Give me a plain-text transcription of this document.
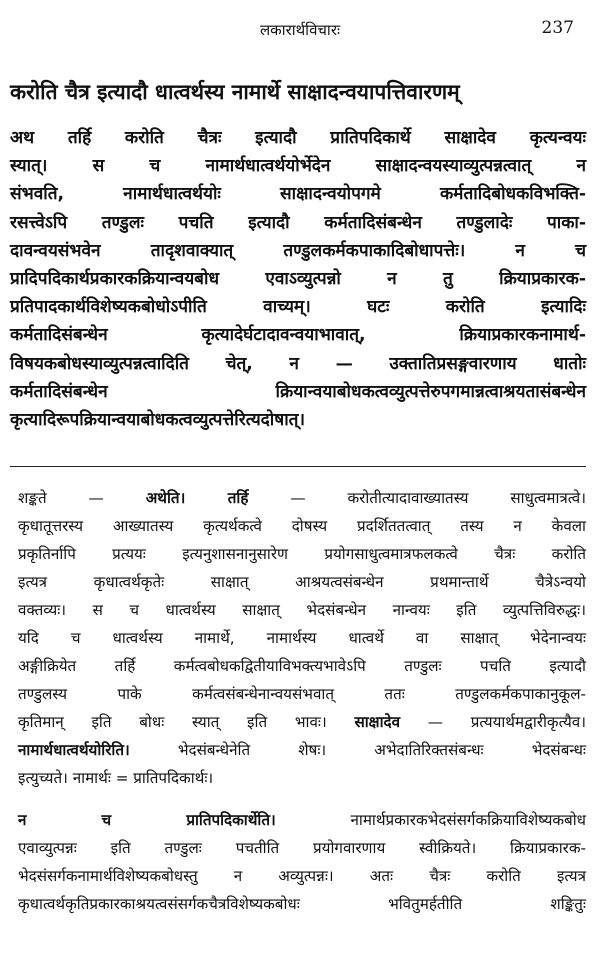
लकारार्थविचारः	237
करोति चैत्र इत्यादौ धात्वर्थस्य नामार्थे साक्षादन्वयापत्तिवारणम्
अथ तर्हि करोति चैत्रः इत्यादौ प्रातिपदिकार्थे साक्षादेव कृत्यन्वयः
स्यात्। स च नामार्थधात्वर्थयोर्भेदेन साक्षादन्वयस्याव्युत्पन्नत्वात् न
संभवति, नामार्थधात्वर्थयोः साक्षादन्वयोपगमे कर्मतादिबोधकविभक्ति-
रसत्त्वेऽपि तण्डुलः पचति इत्यादौ कर्मतादिसंबन्धेन तण्डुलादेः पाका-
दावन्वयसंभवेन तादृशवाक्यात् तण्डुलकर्मकपाकादिबोधापत्तेः। न च
प्रादिपदिकार्थप्रकारकक्रियान्वयबोध एवाऽव्युत्पन्नो न तु क्रियाप्रकारक-
प्रतिपादकार्थविशेष्यकबोधोऽपीति वाच्यम्। घटः करोति इत्यादिः
कर्मतादिसंबन्धेन कृत्यादेर्घटादावन्वयाभावात्, क्रियाप्रकारकनामार्थ-
विषयकबोधस्याव्युत्पन्नत्वादिति चेत्, न — उक्तातिप्रसङ्गवारणाय धातोः
कर्मतादिसंबन्धेन क्रियान्वयाबोधकत्वव्युत्पत्तेरुपगमान्नत्वाश्रयतासंबन्धेन
कृत्यादिरूपक्रियान्वयाबोधकत्वव्युत्पत्तेरित्यदोषात्।

शङ्कते — अथेति। तर्हि — करोतीत्यादावाख्यातस्य साधुत्वमात्रत्वे।
कृधातूत्तरस्य आख्यातस्य कृत्यर्थकत्वे दोषस्य प्रदर्शिततत्वात् तस्य न केवला
प्रकृतिर्नापि प्रत्ययः इत्यनुशासनानुसारेण प्रयोगसाधुत्वमात्रफलकत्वे चैत्रः करोति
इत्यत्र कृधात्वर्थकृतेः साक्षात् आश्रयत्वसंबन्धेन प्रथमान्तार्थे चैत्रेऽन्वयो
वक्तव्यः। स च धात्वर्थस्य साक्षात् भेदसंबन्धेन नान्वयः इति व्युत्पत्तिविरुद्धः।
यदि च धात्वर्थस्य नामार्थे, नामार्थस्य धात्वर्थे वा साक्षात् भेदेनान्वयः
अङ्गीक्रियेत तर्हि कर्मत्वबोधकद्वितीयाविभक्त्यभावेऽपि तण्डुलः पचति इत्यादौ
तण्डुलस्य पाके कर्मत्वसंबन्धेनान्वयसंभवात् ततः तण्डुलकर्मकपाकानुकूल-
कृतिमान् इति बोधः स्यात् इति भावः। साक्षादेव — प्रत्ययार्थमद्वारीकृत्यैव।
नामार्थधात्वर्थयोरिति। भेदसंबन्धेनेति शेषः। अभेदातिरिक्तसंबन्धः भेदसंबन्धः
इत्युच्यते। नामार्थः = प्रातिपदिकार्थः।

न च प्रातिपदिकार्थेति। नामार्थप्रकारकभेदसंसर्गकक्रियाविशेष्यकबोध
एवाव्युत्पन्नः इति तण्डुलः पचतीति प्रयोगवारणाय स्वीक्रियते। क्रियाप्रकारक-
भेदसंसर्गकनामार्थविशेष्यकबोधस्तु न अव्युत्पन्नः। अतः चैत्रः करोति इत्यत्र
कृधात्वर्थकृतिप्रकारकाश्रयत्वसंसर्गकचैत्रविशेष्यकबोधः भवितुमर्हतीति शङ्कितुः
